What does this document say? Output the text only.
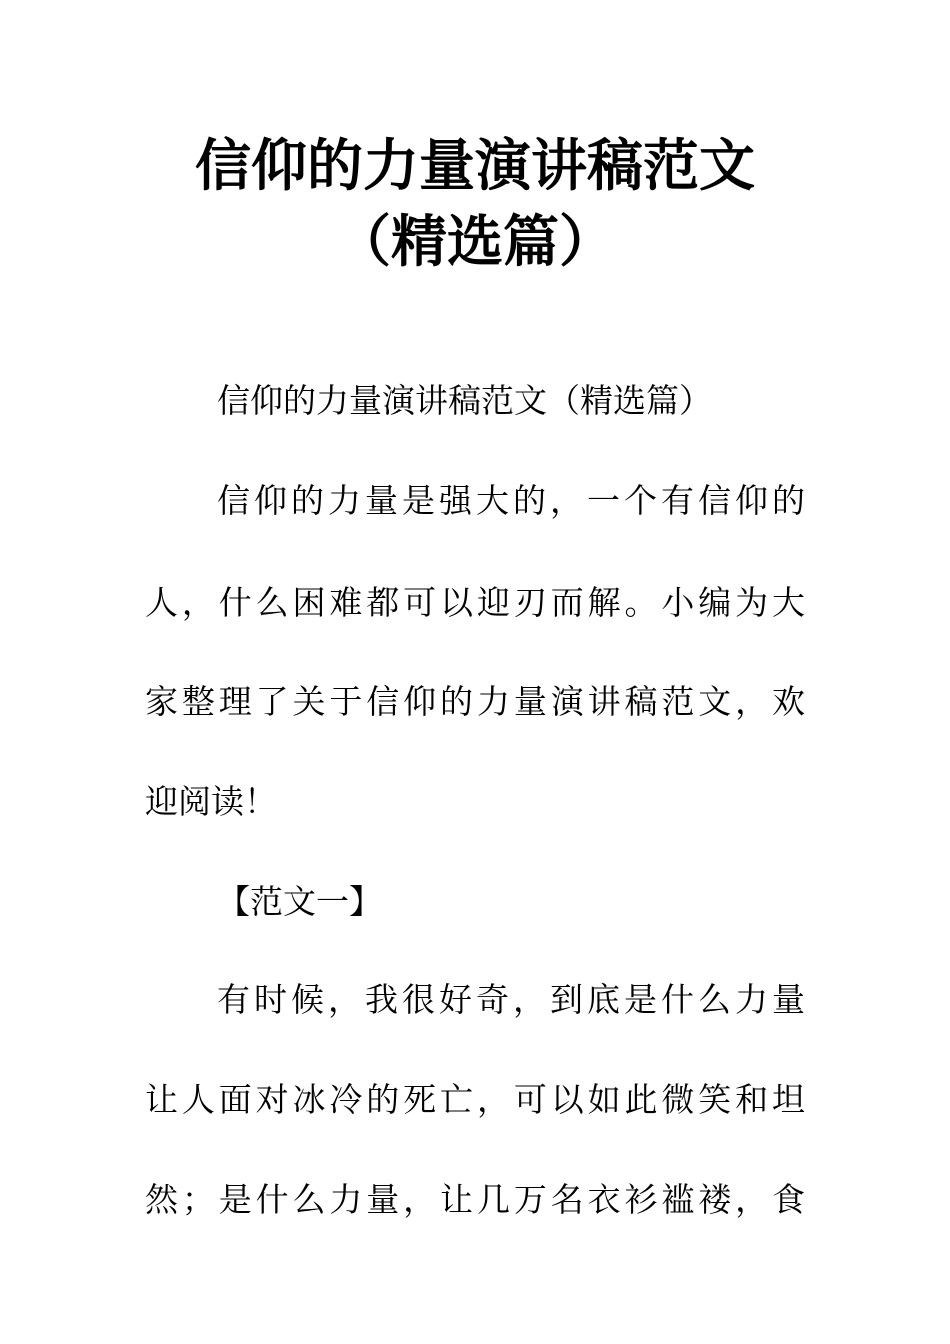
信仰的力量演讲稿范文
（精选篇）

信仰的力量演讲稿范文（精选篇）

信仰的力量是强大的，一个有信仰的

人，什么困难都可以迎刃而解。小编为大

家整理了关于信仰的力量演讲稿范文，欢

迎阅读！

【范文一】

有时候，我很好奇，到底是什么力量

让人面对冰冷的死亡，可以如此微笑和坦

然；是什么力量，让几万名衣衫褴褛，食
